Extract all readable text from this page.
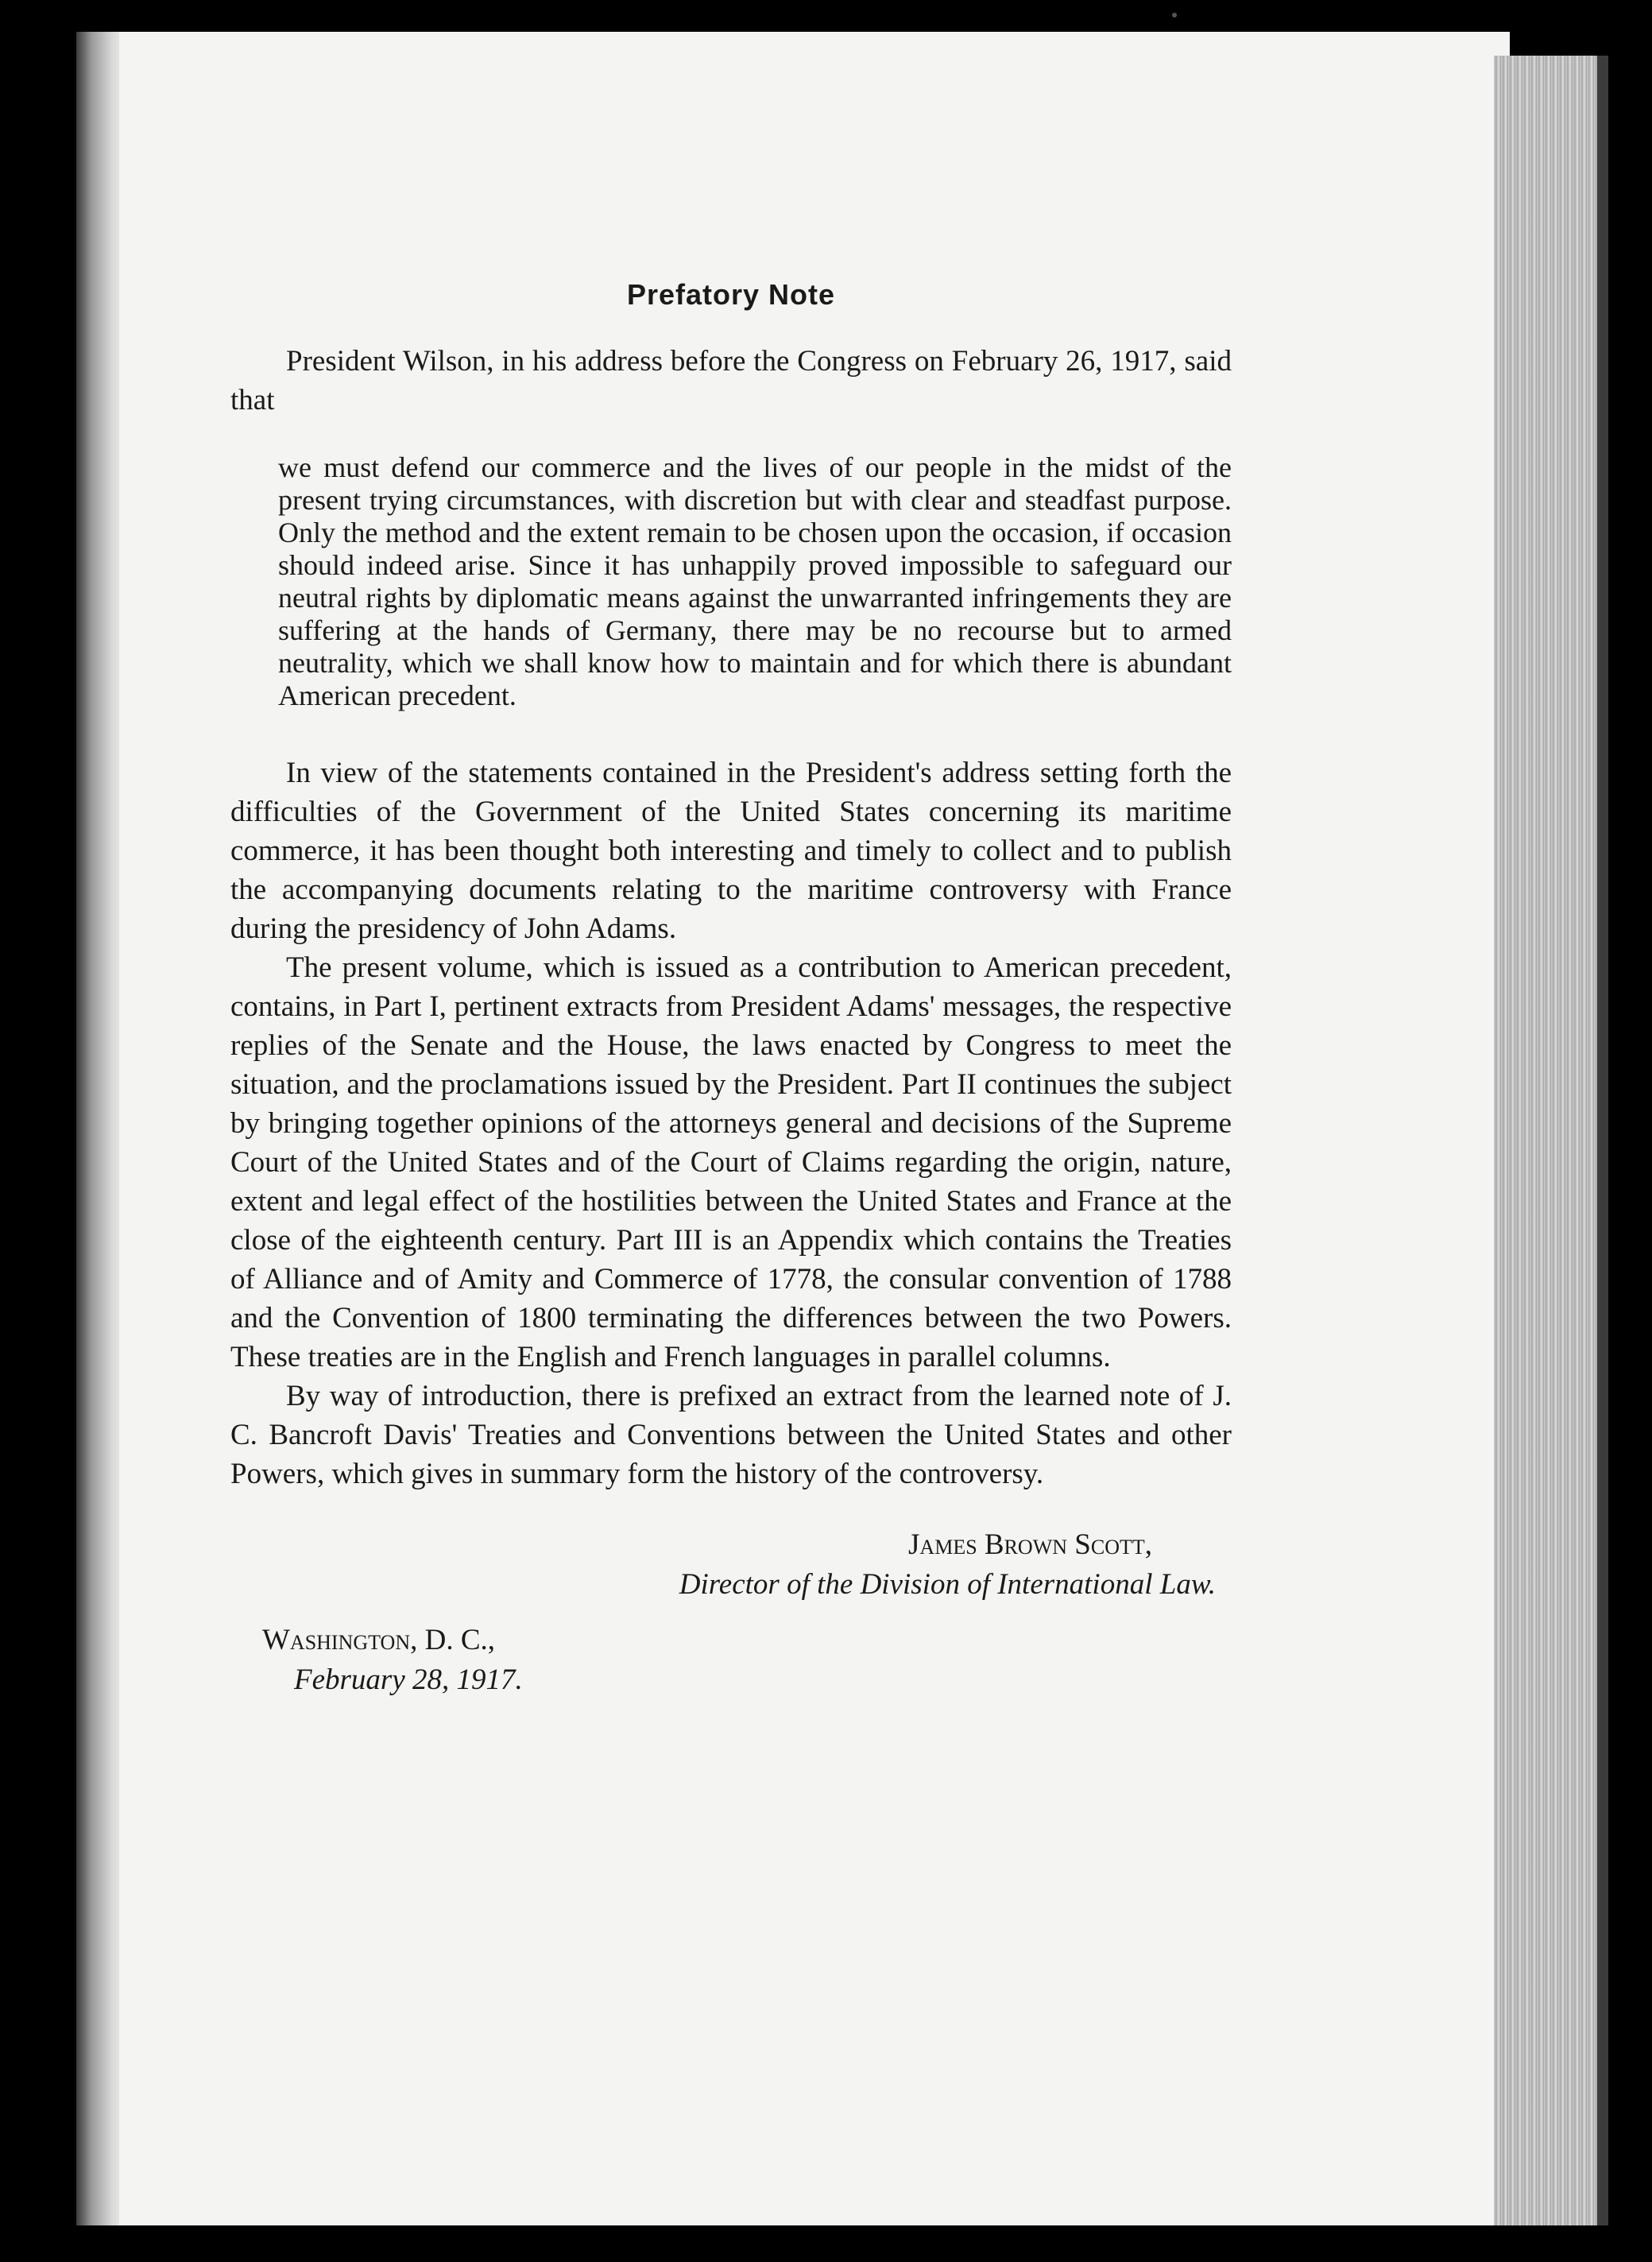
Prefatory Note

President Wilson, in his address before the Congress on February 26, 1917, said that

we must defend our commerce and the lives of our people in the midst of the present trying circumstances, with discretion but with clear and steadfast purpose. Only the method and the extent remain to be chosen upon the occasion, if occasion should indeed arise. Since it has unhappily proved impossible to safeguard our neutral rights by diplomatic means against the unwarranted infringements they are suffering at the hands of Germany, there may be no recourse but to armed neutrality, which we shall know how to maintain and for which there is abundant American precedent.

In view of the statements contained in the President's address setting forth the difficulties of the Government of the United States concerning its maritime commerce, it has been thought both interesting and timely to collect and to publish the accompanying documents relating to the maritime controversy with France during the presidency of John Adams.

The present volume, which is issued as a contribution to American precedent, contains, in Part I, pertinent extracts from President Adams' messages, the respective replies of the Senate and the House, the laws enacted by Congress to meet the situation, and the proclamations issued by the President. Part II continues the subject by bringing together opinions of the attorneys general and decisions of the Supreme Court of the United States and of the Court of Claims regarding the origin, nature, extent and legal effect of the hostilities between the United States and France at the close of the eighteenth century. Part III is an Appendix which contains the Treaties of Alliance and of Amity and Commerce of 1778, the consular convention of 1788 and the Convention of 1800 terminating the differences between the two Powers. These treaties are in the English and French languages in parallel columns.

By way of introduction, there is prefixed an extract from the learned note of J. C. Bancroft Davis' Treaties and Conventions between the United States and other Powers, which gives in summary form the history of the controversy.

James Brown Scott,
Director of the Division of International Law.
Washington, D. C.,
February 28, 1917.
